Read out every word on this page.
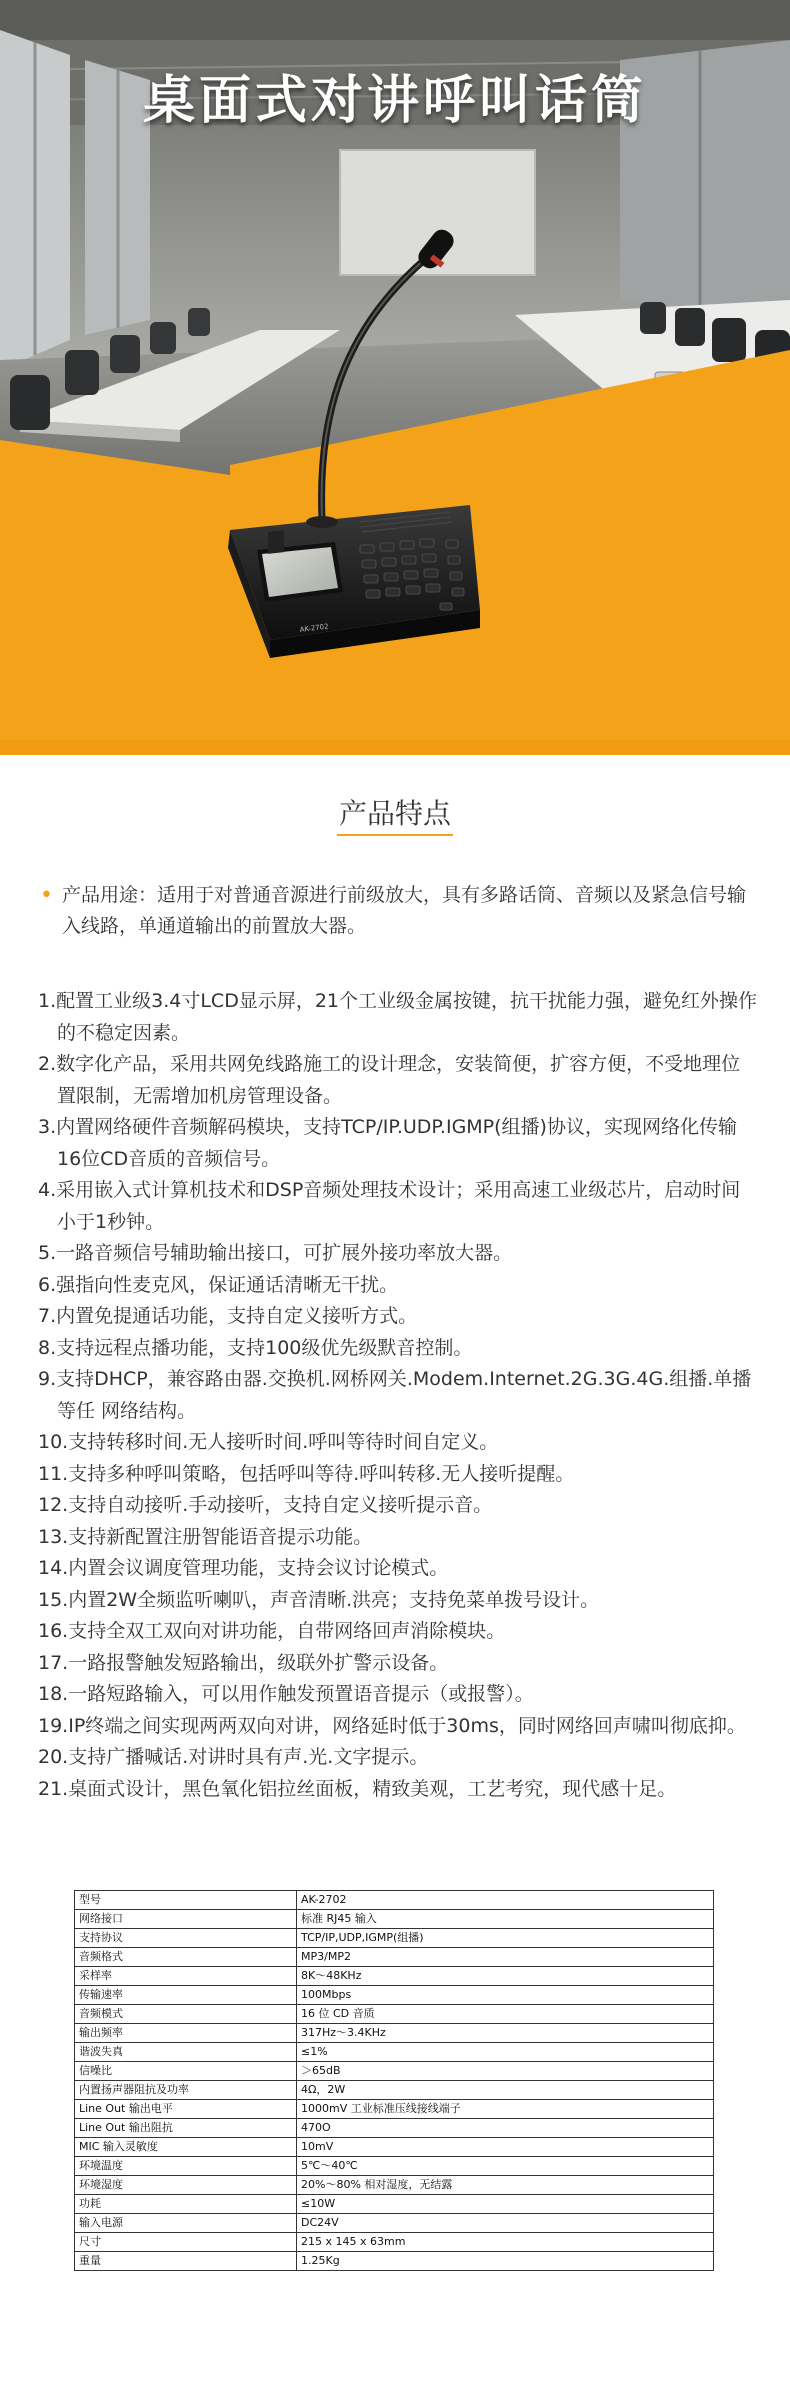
AK-2702
桌面式对讲呼叫话筒
产品特点
• 产品用途：适用于对普通音源进行前级放大，具有多路话筒、音频以及紧急信号输入线路，单通道输出的前置放大器。
1.配置工业级3.4寸LCD显示屏，21个工业级金属按键，抗干扰能力强，避免红外操作的不稳定因素。
2.数字化产品，采用共网免线路施工的设计理念，安装简便，扩容方便，不受地理位置限制，无需增加机房管理设备。
3.内置网络硬件音频解码模块，支持TCP/IP.UDP.IGMP(组播)协议，实现网络化传输16位CD音质的音频信号。
4.采用嵌入式计算机技术和DSP音频处理技术设计；采用高速工业级芯片，启动时间小于1秒钟。
5.一路音频信号辅助输出接口，可扩展外接功率放大器。
6.强指向性麦克风，保证通话清晰无干扰。
7.内置免提通话功能，支持自定义接听方式。
8.支持远程点播功能，支持100级优先级默音控制。
9.支持DHCP，兼容路由器.交换机.网桥网关.Modem.Internet.2G.3G.4G.组播.单播等任 网络结构。
10.支持转移时间.无人接听时间.呼叫等待时间自定义。
11.支持多种呼叫策略，包括呼叫等待.呼叫转移.无人接听提醒。
12.支持自动接听.手动接听，支持自定义接听提示音。
13.支持新配置注册智能语音提示功能。
14.内置会议调度管理功能，支持会议讨论模式。
15.内置2W全频监听喇叭，声音清晰.洪亮；支持免菜单拨号设计。
16.支持全双工双向对讲功能，自带网络回声消除模块。
17.一路报警触发短路输出，级联外扩警示设备。
18.一路短路输入，可以用作触发预置语音提示（或报警）。
19.IP终端之间实现两两双向对讲，网络延时低于30ms，同时网络回声啸叫彻底抑。
20.支持广播喊话.对讲时具有声.光.文字提示。
21.桌面式设计，黑色氧化铝拉丝面板，精致美观，工艺考究，现代感十足。
型号	AK-2702
网络接口	标准 RJ45 输入
支持协议	TCP/IP,UDP,IGMP(组播)
音频格式	MP3/MP2
采样率	8K～48KHz
传输速率	100Mbps
音频模式	16 位 CD 音质
输出频率	317Hz～3.4KHz
谐波失真	≤1%
信噪比	＞65dB
内置扬声器阻抗及功率	4Ω，2W
Line Out 输出电平	1000mV 工业标准压线接线端子
Line Out 输出阻抗	470O
MIC 输入灵敏度	10mV
环境温度	5℃～40℃
环境湿度	20%～80% 相对湿度，无结露
功耗	≤10W
输入电源	DC24V
尺寸	215 x 145 x 63mm
重量	1.25Kg
